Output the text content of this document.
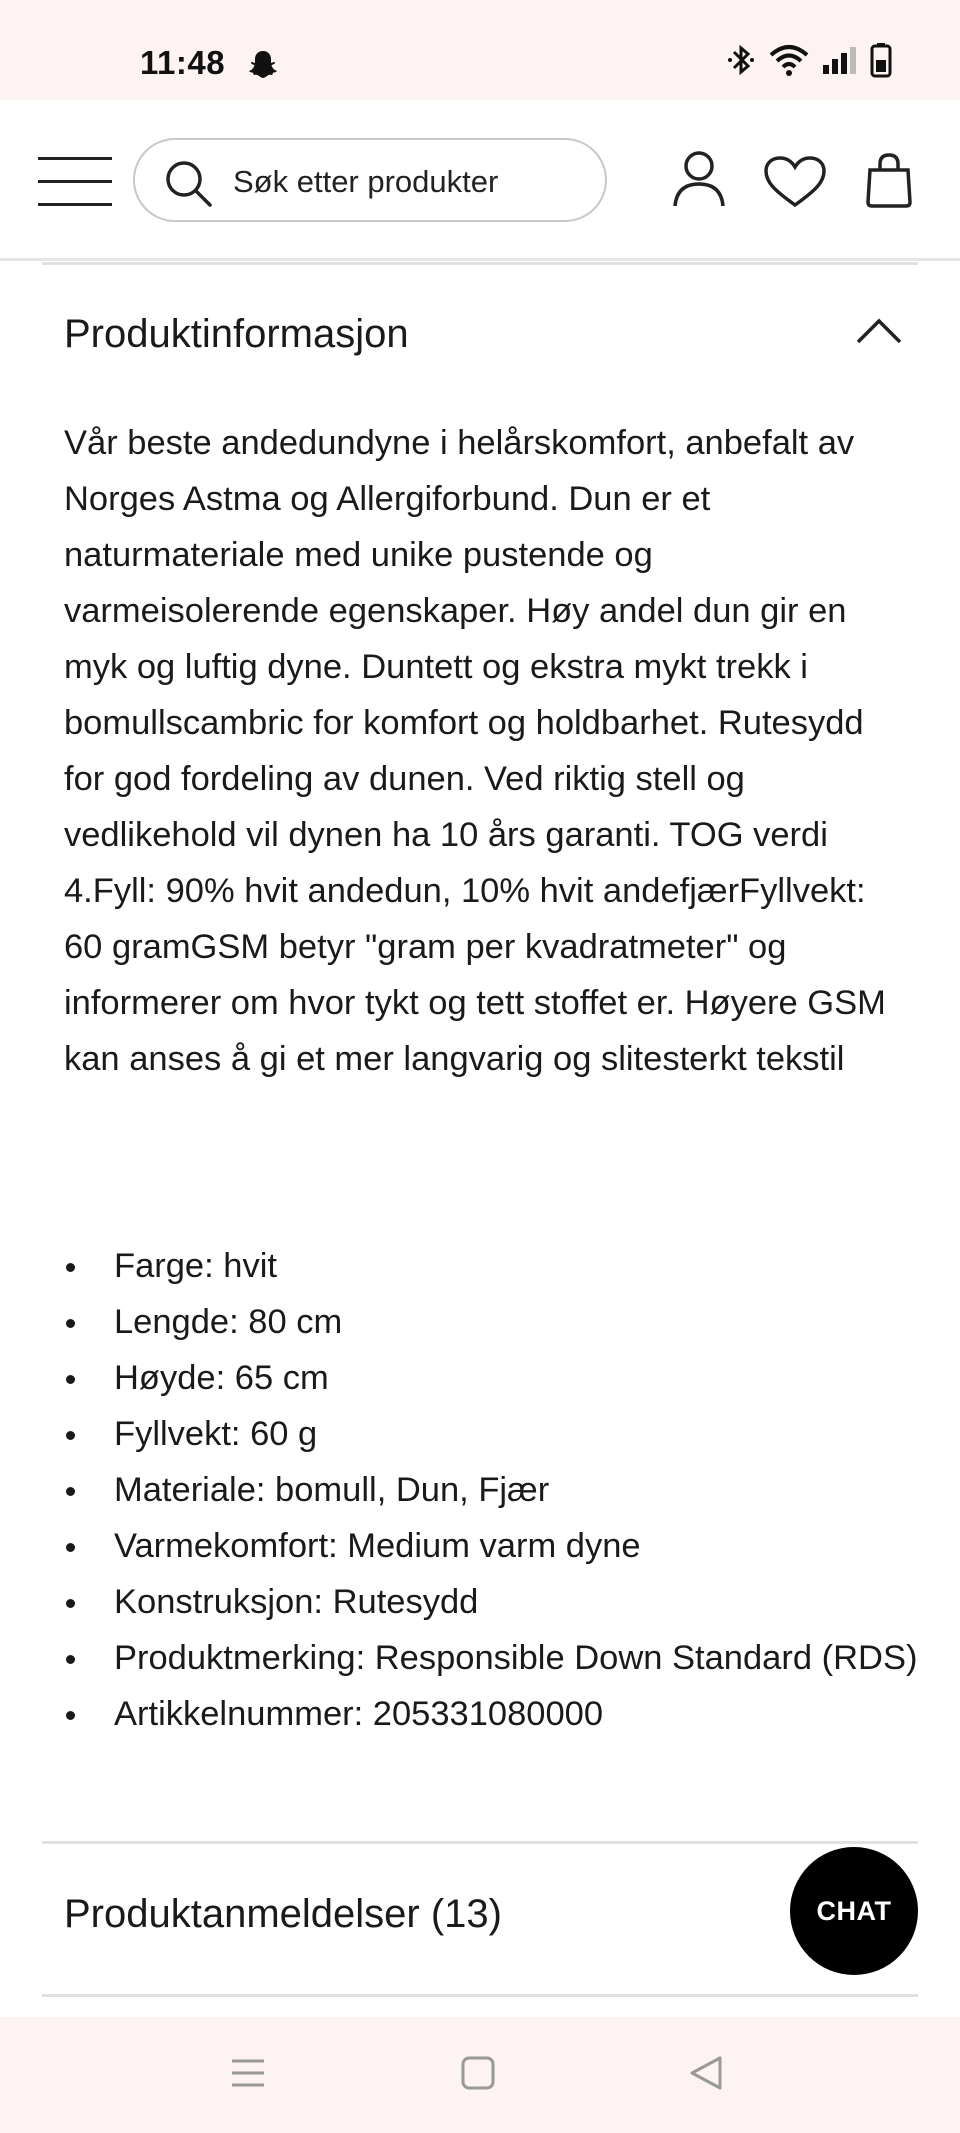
11:48
Søk etter produkter
Produktinformasjon

Vår beste andedundyne i helårskomfort, anbefalt av Norges Astma og Allergiforbund. Dun er et naturmateriale med unike pustende og varmeisolerende egenskaper. Høy andel dun gir en myk og luftig dyne. Duntett og ekstra mykt trekk i bomullscambric for komfort og holdbarhet. Rutesydd for god fordeling av dunen. Ved riktig stell og vedlikehold vil dynen ha 10 års garanti. TOG verdi 4.Fyll: 90% hvit andedun, 10% hvit andefjærFyllvekt: 60 gramGSM betyr "gram per kvadratmeter" og informerer om hvor tykt og tett stoffet er. Høyere GSM kan anses å gi et mer langvarig og slitesterkt tekstil

Farge: hvit
Lengde: 80 cm
Høyde: 65 cm
Fyllvekt: 60 g
Materiale: bomull, Dun, Fjær
Varmekomfort: Medium varm dyne
Konstruksjon: Rutesydd
Produktmerking: Responsible Down Standard (RDS)
Artikkelnummer: 205331080000
Produktanmeldelser (13)	CHAT
